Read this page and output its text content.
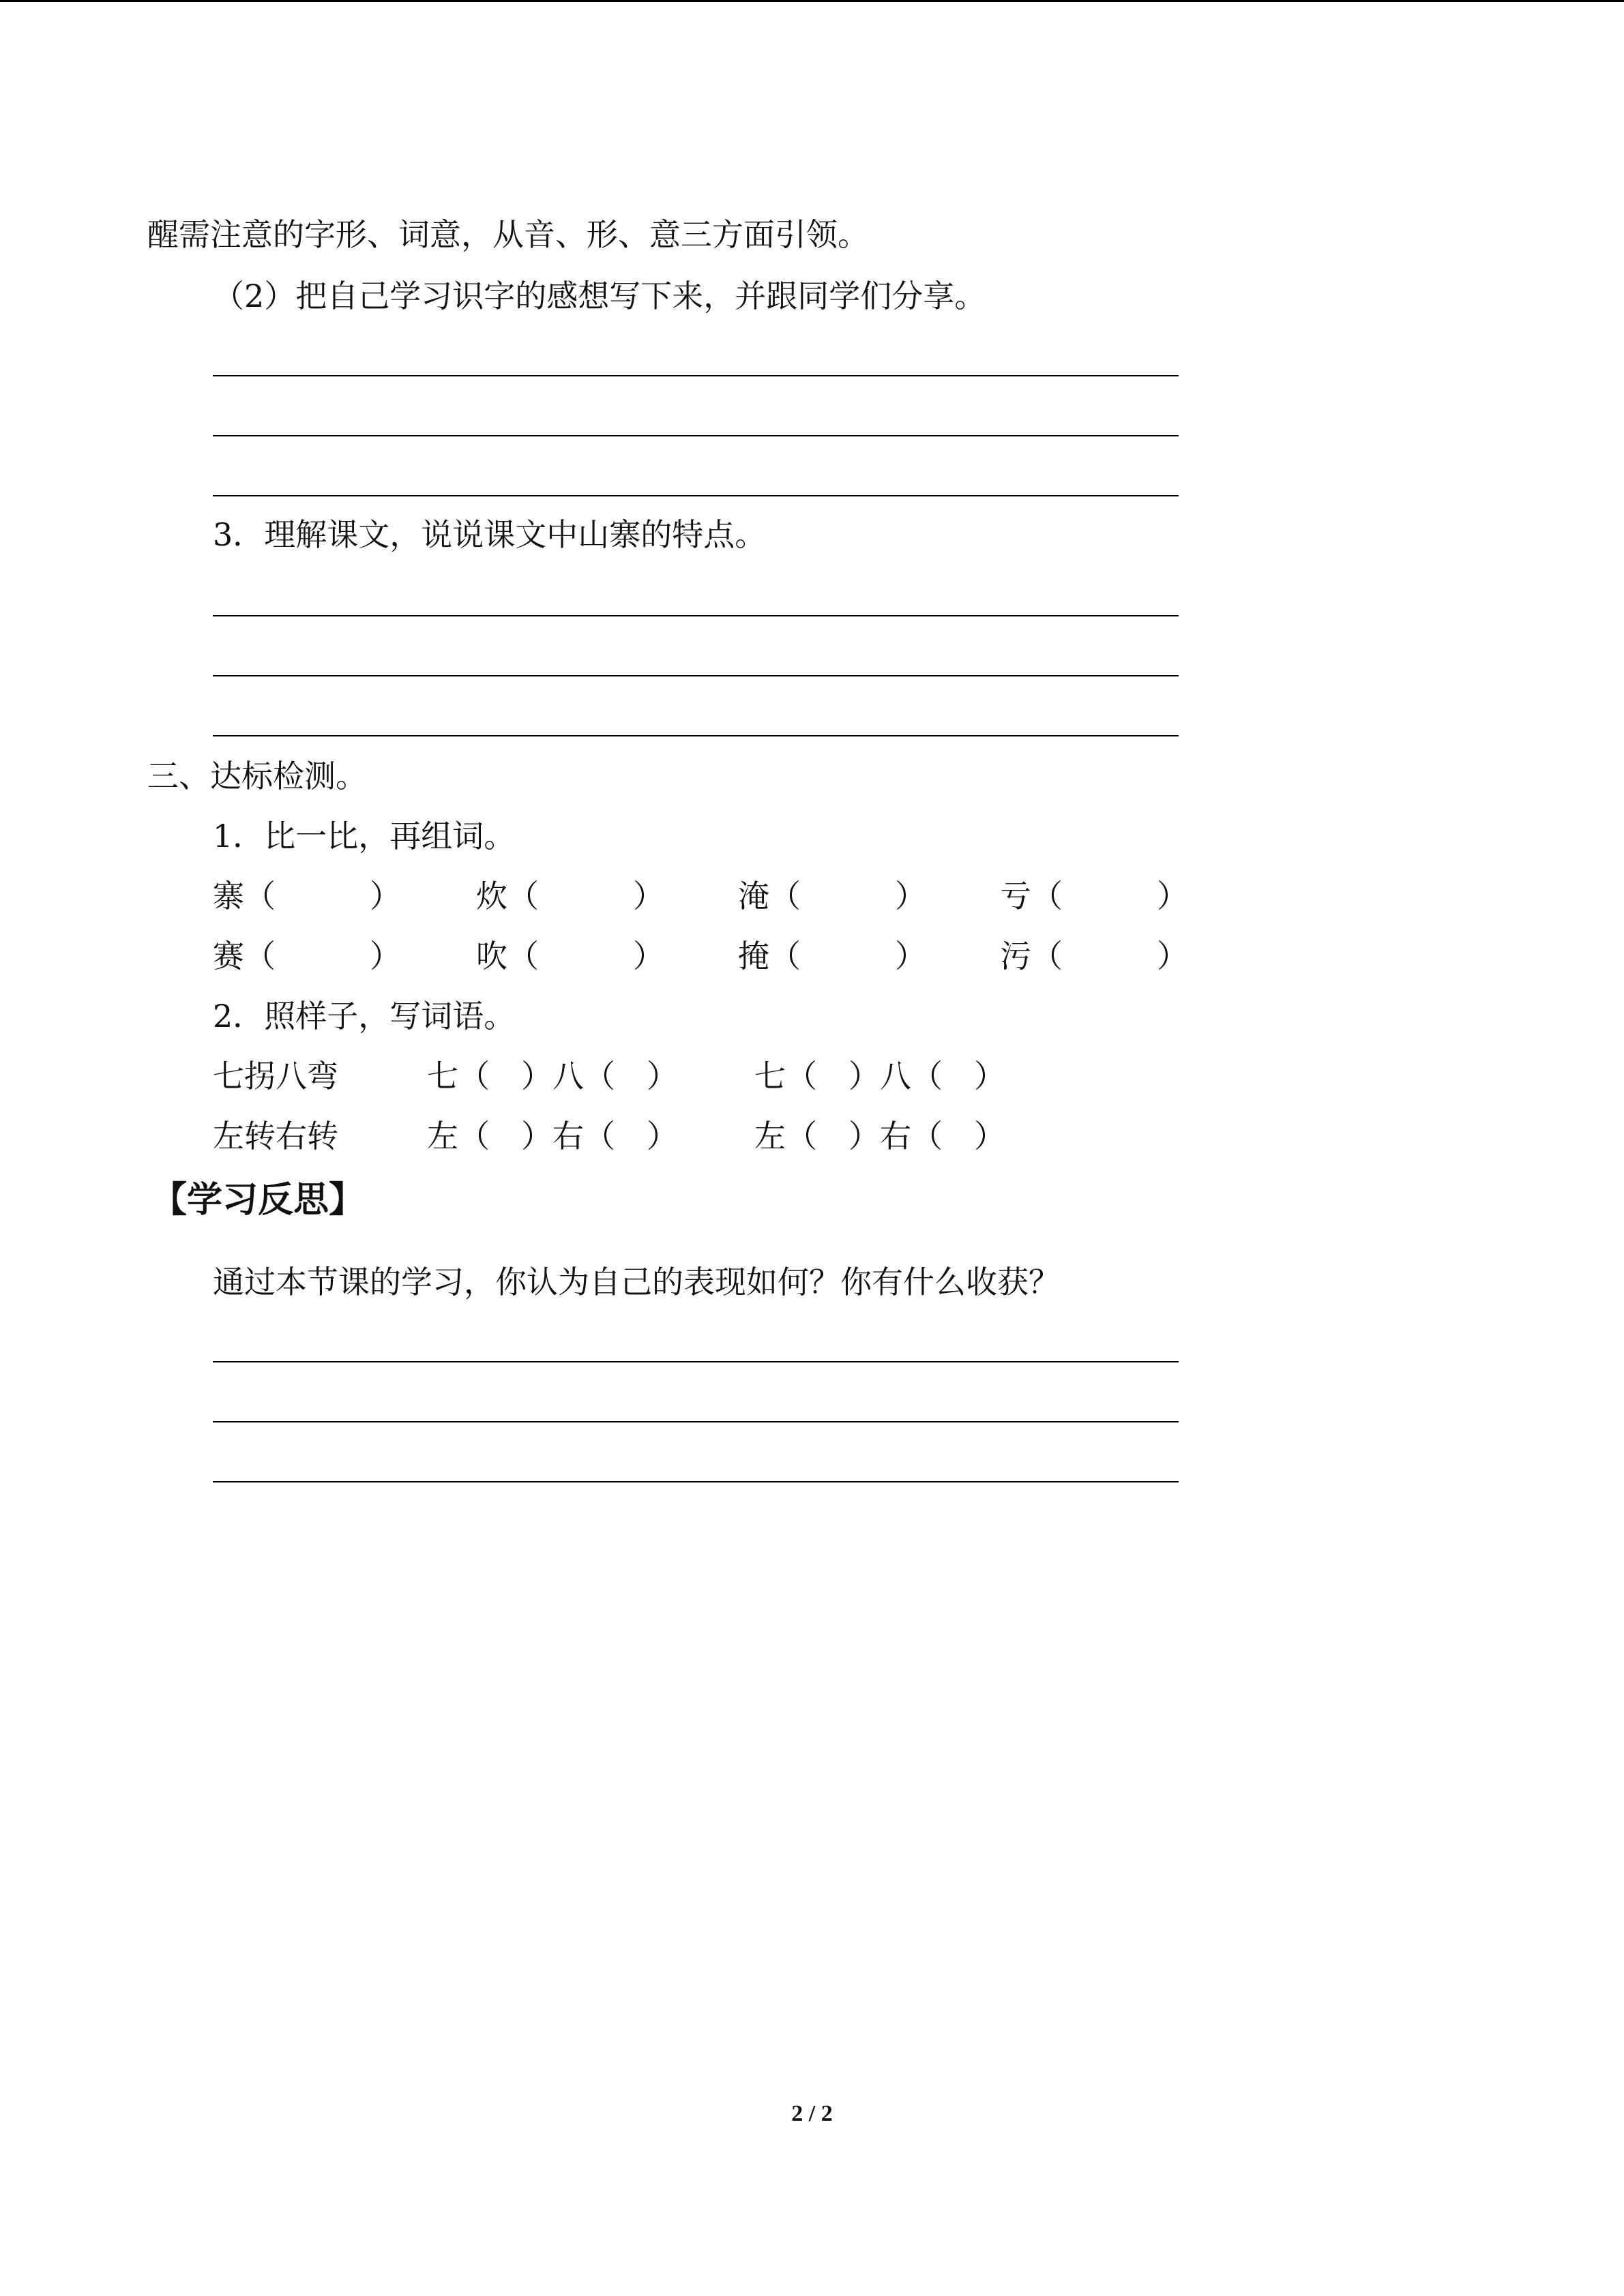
醒需注意的字形、词意，从音、形、意三方面引领。
（2）把自己学习识字的感想写下来，并跟同学们分享。
3．理解课文，说说课文中山寨的特点。
三、达标检测。
1．比一比，再组词。
寨（　　　） 炊（　　　） 淹（　　　） 亏（　　　）
赛（　　　） 吹（　　　） 掩（　　　） 污（　　　）
2．照样子，写词语。
七拐八弯	七（　）八（　） 七（　）八（　）
左转右转	左（　）右（　） 左（　）右（　）
【学习反思】
通过本节课的学习，你认为自己的表现如何？你有什么收获？
2 / 2
